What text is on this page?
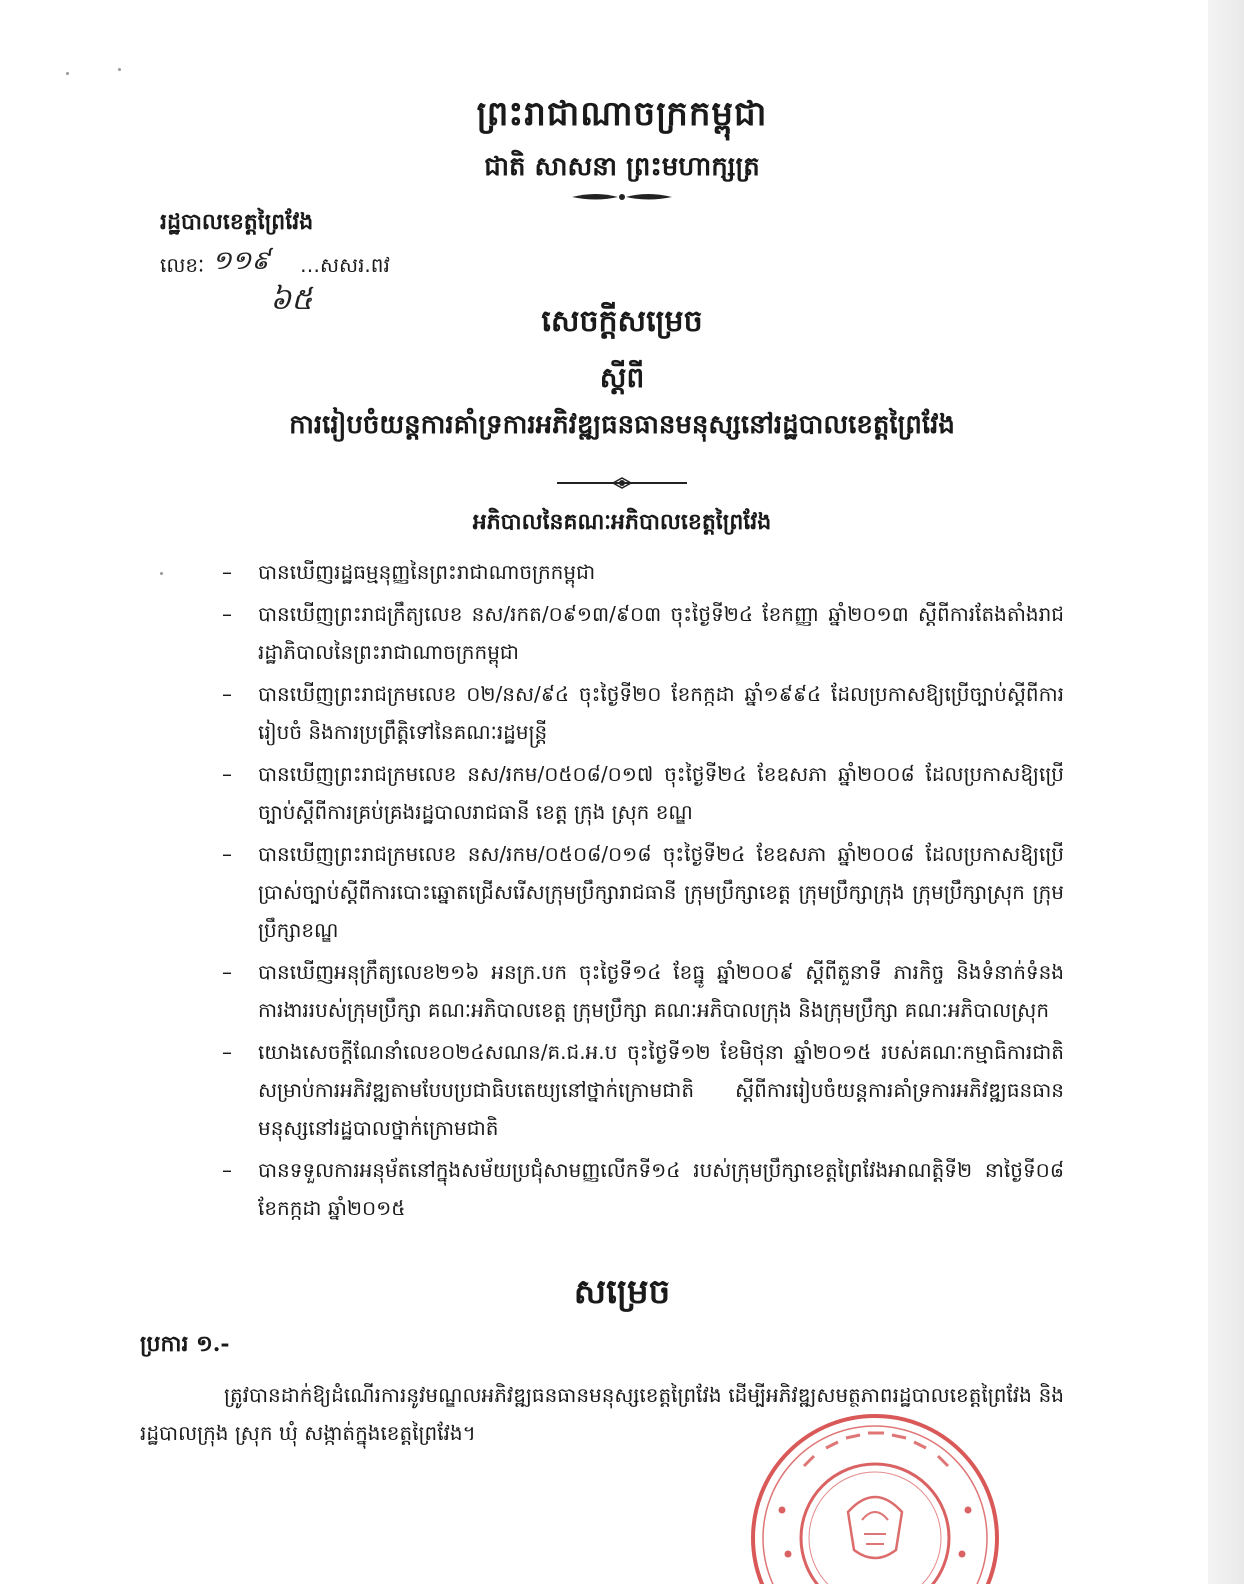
ព្រះរាជាណាចក្រកម្ពុជា
ជាតិ សាសនា ព្រះមហាក្សត្រ
រដ្ឋបាលខេត្តព្រៃវែង
លេខៈ ១១៩ …សសរ.ពវ
៦៥
សេចក្តីសម្រេច
ស្តីពី
ការរៀបចំយន្តការគាំទ្រការអភិវឌ្ឍធនធានមនុស្សនៅរដ្ឋបាលខេត្តព្រៃវែង
អភិបាលនៃគណៈអភិបាលខេត្តព្រៃវែង
– បានឃើញរដ្ឋធម្មនុញ្ញនៃព្រះរាជាណាចក្រកម្ពុជា
– បានឃើញព្រះរាជក្រឹត្យលេខ នស/រកត/០៩១៣/៩០៣ ចុះថ្ងៃទី២៤ ខែកញ្ញា ឆ្នាំ២០១៣ ស្តីពីការតែងតាំងរាជរដ្ឋាភិបាលនៃព្រះរាជាណាចក្រកម្ពុជា
– បានឃើញព្រះរាជក្រមលេខ ០២/នស/៩៤ ចុះថ្ងៃទី២០ ខែកក្កដា ឆ្នាំ១៩៩៤ ដែលប្រកាសឱ្យប្រើច្បាប់ស្តីពីការរៀបចំ និងការប្រព្រឹត្តិទៅនៃគណៈរដ្ឋមន្ត្រី
– បានឃើញព្រះរាជក្រមលេខ នស/រកម/០៥០៨/០១៧ ចុះថ្ងៃទី២៤ ខែឧសភា ឆ្នាំ២០០៨ ដែលប្រកាសឱ្យប្រើច្បាប់ស្តីពីការគ្រប់គ្រងរដ្ឋបាលរាជធានី ខេត្ត ក្រុង ស្រុក ខណ្ឌ
– បានឃើញព្រះរាជក្រមលេខ នស/រកម/០៥០៨/០១៨ ចុះថ្ងៃទី២៤ ខែឧសភា ឆ្នាំ២០០៨ ដែលប្រកាសឱ្យប្រើប្រាស់ច្បាប់ស្តីពីការបោះឆ្នោតជ្រើសរើសក្រុមប្រឹក្សារាជធានី ក្រុមប្រឹក្សាខេត្ត ក្រុមប្រឹក្សាក្រុង ក្រុមប្រឹក្សាស្រុក ក្រុមប្រឹក្សាខណ្ឌ
– បានឃើញអនុក្រឹត្យលេខ២១៦ អនក្រ.បក ចុះថ្ងៃទី១៤ ខែធ្នូ ឆ្នាំ២០០៩ ស្តីពីតួនាទី ភារកិច្ច និងទំនាក់ទំនងការងាររបស់ក្រុមប្រឹក្សា គណៈអភិបាលខេត្ត ក្រុមប្រឹក្សា គណៈអភិបាលក្រុង និងក្រុមប្រឹក្សា គណៈអភិបាលស្រុក
– យោងសេចក្តីណែនាំលេខ០២៤សណន/គ.ជ.អ.ប ចុះថ្ងៃទី១២ ខែមិថុនា ឆ្នាំ២០១៥ របស់គណៈកម្មាធិការជាតិសម្រាប់ការអភិវឌ្ឍតាមបែបប្រជាធិបតេយ្យនៅថ្នាក់ក្រោមជាតិ ស្តីពីការរៀបចំយន្តការគាំទ្រការអភិវឌ្ឍធនធានមនុស្សនៅរដ្ឋបាលថ្នាក់ក្រោមជាតិ
– បានទទួលការអនុម័តនៅក្នុងសម័យប្រជុំសាមញ្ញលើកទី១៤ របស់ក្រុមប្រឹក្សាខេត្តព្រៃវែងអាណត្តិទី២ នាថ្ងៃទី០៨ ខែកក្កដា ឆ្នាំ២០១៥
សម្រេច
ប្រការ ១.-
ត្រូវបានដាក់ឱ្យដំណើរការនូវមណ្ឌលអភិវឌ្ឍធនធានមនុស្សខេត្តព្រៃវែង ដើម្បីអភិវឌ្ឍសមត្ថភាពរដ្ឋបាលខេត្តព្រៃវែង និងរដ្ឋបាលក្រុង ស្រុក ឃុំ សង្កាត់ក្នុងខេត្តព្រៃវែង។
